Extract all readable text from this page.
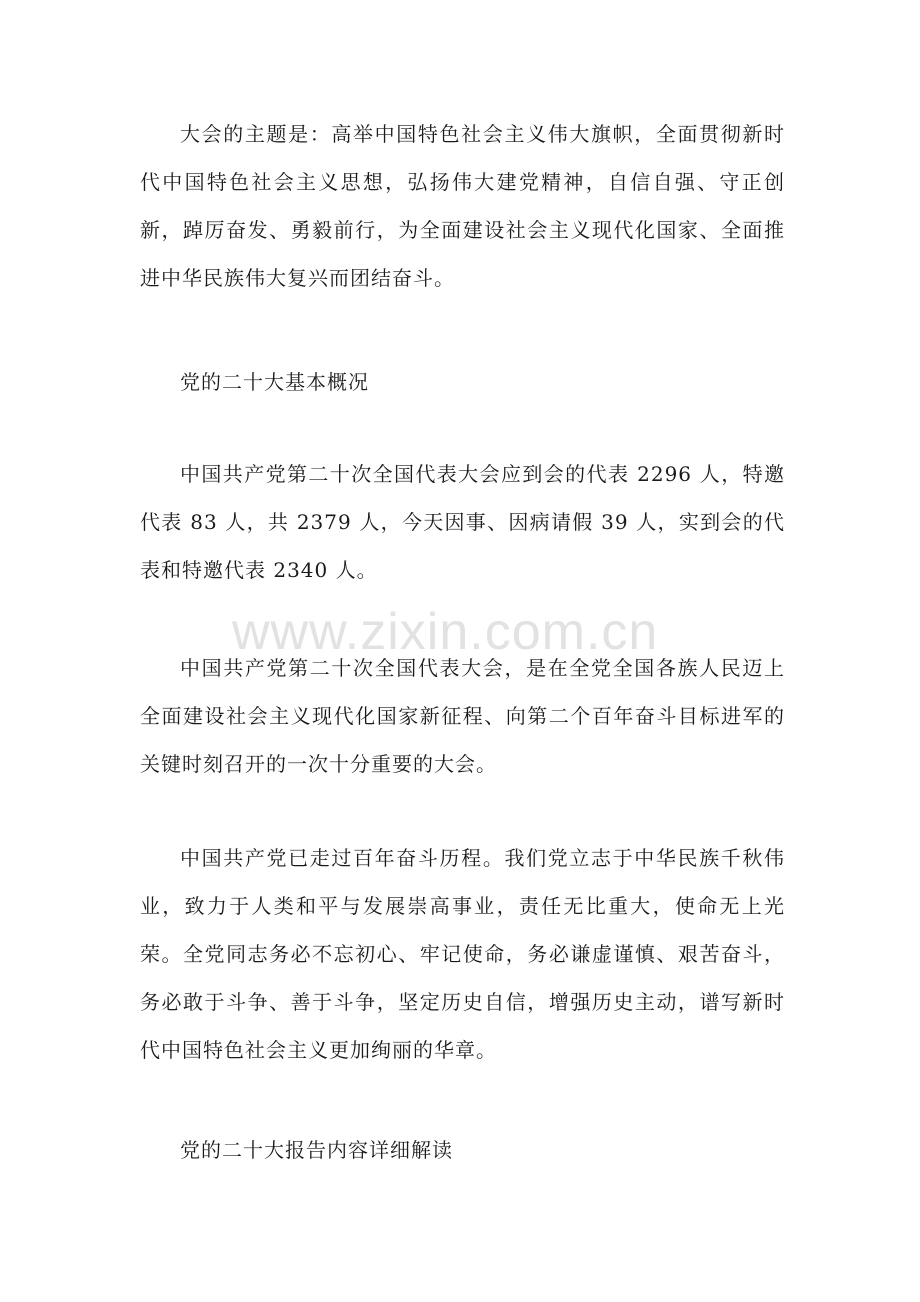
大会的主题是：高举中国特色社会主义伟大旗帜，全面贯彻新时代中国特色社会主义思想，弘扬伟大建党精神，自信自强、守正创新，踔厉奋发、勇毅前行，为全面建设社会主义现代化国家、全面推进中华民族伟大复兴而团结奋斗。

党的二十大基本概况

中国共产党第二十次全国代表大会应到会的代表 2296 人，特邀代表 83 人，共 2379 人，今天因事、因病请假 39 人，实到会的代表和特邀代表 2340 人。

www.zixin.com.cn

中国共产党第二十次全国代表大会，是在全党全国各族人民迈上全面建设社会主义现代化国家新征程、向第二个百年奋斗目标进军的关键时刻召开的一次十分重要的大会。

中国共产党已走过百年奋斗历程。我们党立志于中华民族千秋伟业，致力于人类和平与发展崇高事业，责任无比重大，使命无上光荣。全党同志务必不忘初心、牢记使命，务必谦虚谨慎、艰苦奋斗，务必敢于斗争、善于斗争，坚定历史自信，增强历史主动，谱写新时代中国特色社会主义更加绚丽的华章。

党的二十大报告内容详细解读
